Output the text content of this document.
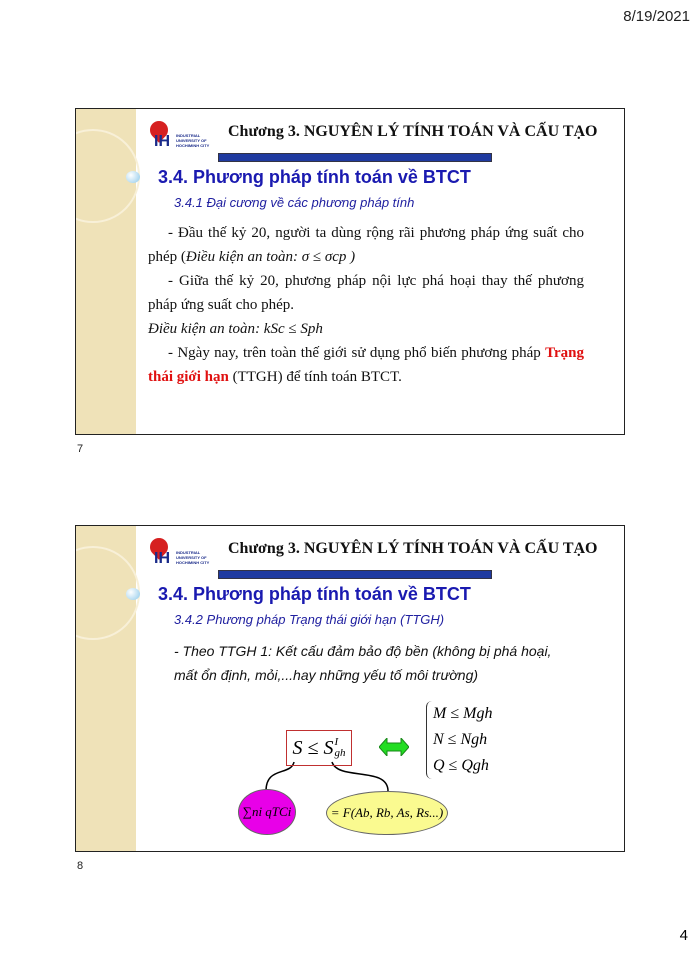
8/19/2021
IH INDUSTRIAL UNIVERSITY OF HOCHIMINH CITY
Chương 3. NGUYÊN LÝ TÍNH TOÁN VÀ CẤU TẠO
3.4. Phương pháp tính toán về BTCT
3.4.1 Đại cương về các phương pháp tính
- Đầu thế kỷ 20, người ta dùng rộng rãi phương pháp ứng suất cho phép (Điều kiện an toàn: σ ≤ σcp )
- Giữa thế kỷ 20, phương pháp nội lực phá hoại thay thế phương pháp ứng suất cho phép.
Điều kiện an toàn: kSc ≤ Sph
- Ngày nay, trên toàn thế giới sử dụng phổ biến phương pháp Trạng thái giới hạn (TTGH) để tính toán BTCT.
7
IH INDUSTRIAL UNIVERSITY OF HOCHIMINH CITY
Chương 3. NGUYÊN LÝ TÍNH TOÁN VÀ CẤU TẠO
3.4. Phương pháp tính toán về BTCT
3.4.2 Phương pháp Trạng thái giới hạn (TTGH)
- Theo TTGH 1: Kết cấu đảm bảo độ bền (không bị phá hoại, mất ổn định, mỏi,...hay những yếu tố môi trường)
S ≤ S I
gh
M ≤ Mgh
N ≤ Ngh
Q ≤ Qgh
∑ni qTCi	= F(Ab, Rb, As, Rs...)
8
4
